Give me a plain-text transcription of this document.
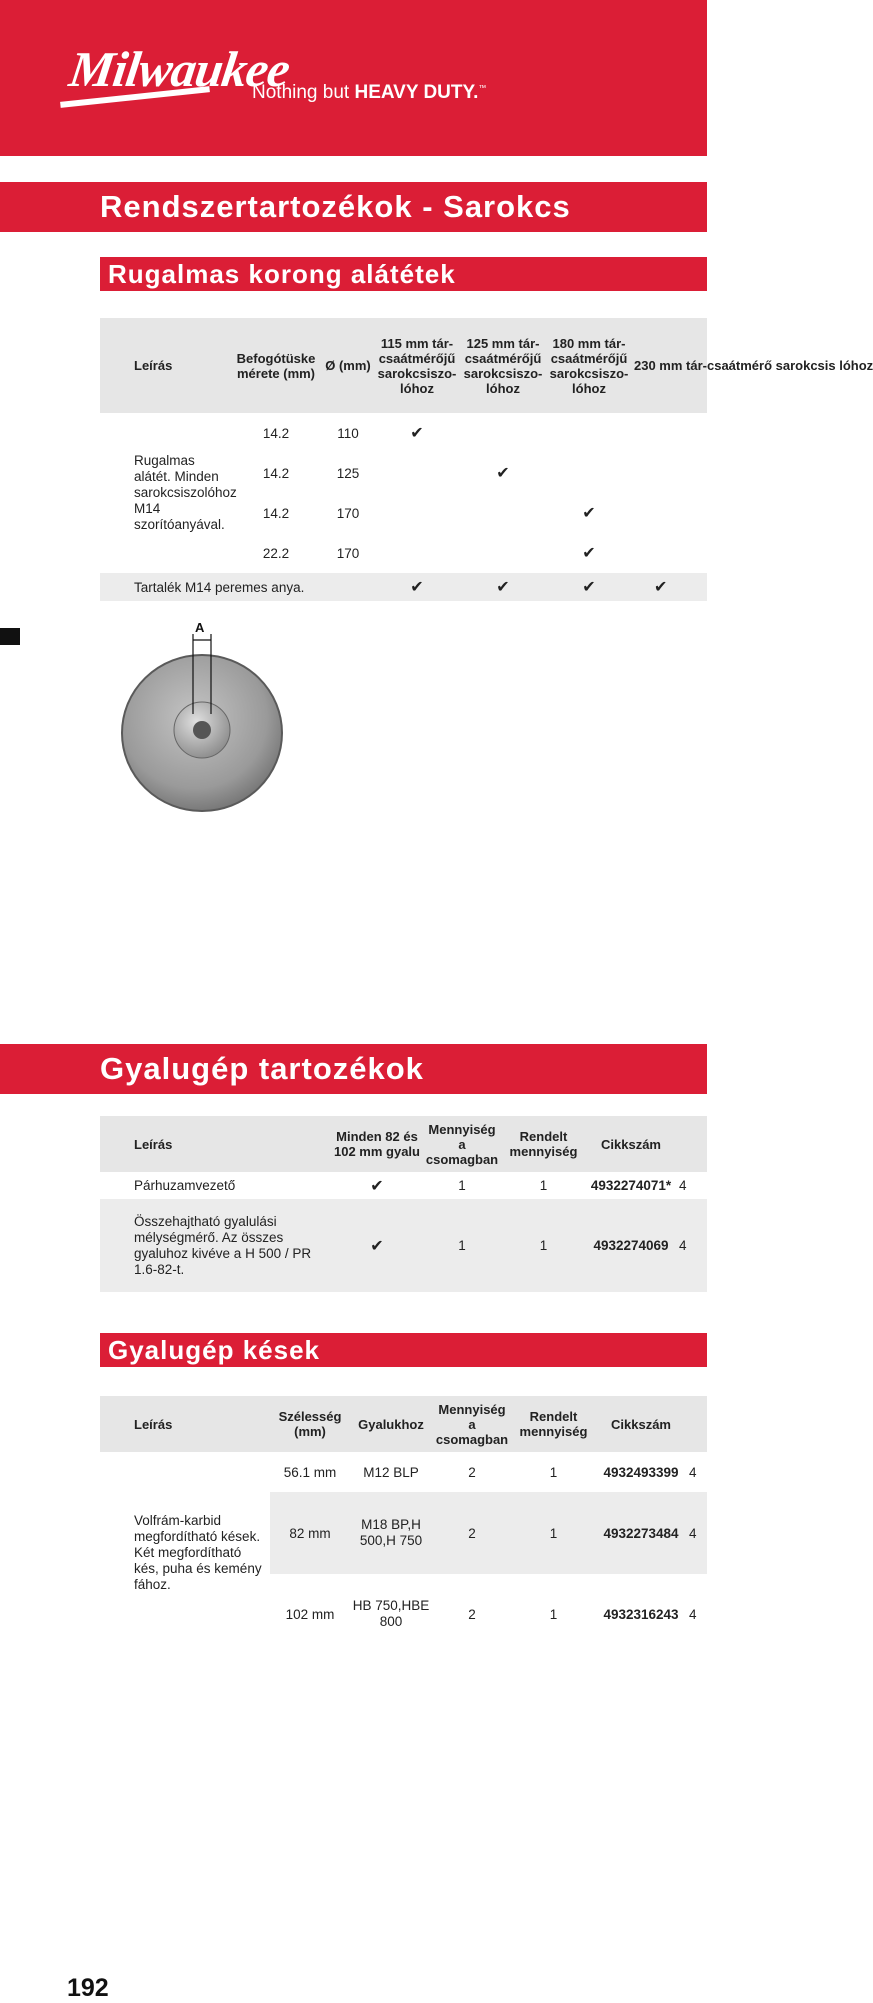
Milwaukee
Nothing but HEAVY DUTY.™
Rendszertartozékok - Sarokcs
Rugalmas korong alátétek
Leírás	Befogótüske mérete (mm)	Ø (mm)	115 mm tár-csaátmérőjű sarokcsiszo-lóhoz	125 mm tár-csaátmérőjű sarokcsiszo-lóhoz	180 mm tár-csaátmérőjű sarokcsiszo-lóhoz	230 mm tár-csaátmérő sarokcsis lóhoz
Rugalmas alátét. Minden sarokcsiszolóhoz M14 szorítóanyával.	14.2	110	✔			
	14.2	125		✔		
	14.2	170			✔	
	22.2	170			✔	
Tartalék M14 peremes anya.			✔	✔	✔	✔
A
Gyalugép tartozékok
Leírás	Minden 82 és 102 mm gyalu	Mennyiség a csomagban	Rendelt mennyiség	Cikkszám	
Párhuzamvezető	✔	1	1	4932274071*	4
Összehajtható gyalulási mélységmérő. Az összes gyaluhoz kivéve a H 500 / PR 1.6-82-t.	✔	1	1	4932274069	4
Gyalugép kések
Leírás	Szélesség (mm)	Gyalukhoz	Mennyiség a csomagban	Rendelt mennyiség	Cikkszám	
Volfrám-karbid megfordítható kések. Két megfordítható kés, puha és kemény fához.	56.1 mm	M12 BLP	2	1	4932493399	4
	82 mm	M18 BP,H 500,H 750	2	1	4932273484	4
	102 mm	HB 750,HBE 800	2	1	4932316243	4
192
